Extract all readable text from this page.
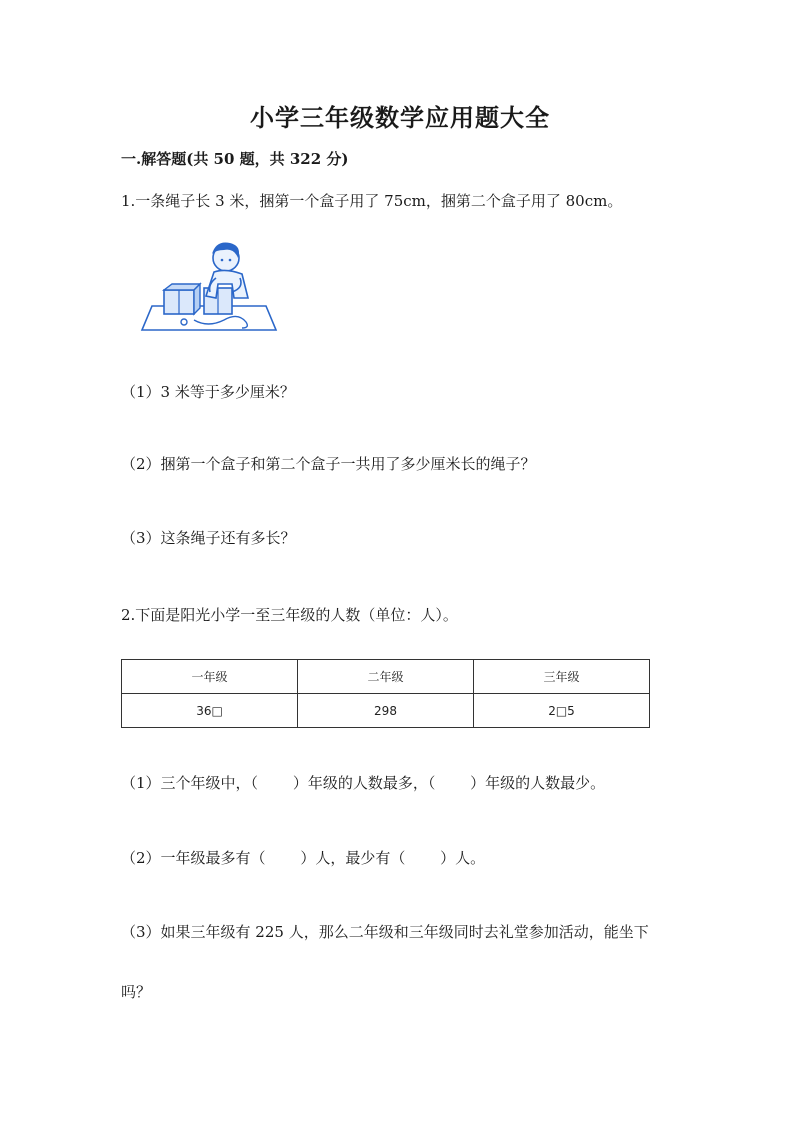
小学三年级数学应用题大全
一.解答题(共 50 题，共 322 分)
1.一条绳子长 3 米，捆第一个盒子用了 75cm，捆第二个盒子用了 80cm。
（1）3 米等于多少厘米？
（2）捆第一个盒子和第二个盒子一共用了多少厘米长的绳子？
（3）这条绳子还有多长？
2.下面是阳光小学一至三年级的人数（单位：人）。
一年级	二年级	三年级
36□	298	2□5
（1）三个年级中，（　　 ）年级的人数最多，（　　 ）年级的人数最少。
（2）一年级最多有（　　 ）人，最少有（　　 ）人。
（3）如果三年级有 225 人，那么二年级和三年级同时去礼堂参加活动，能坐下
吗？
